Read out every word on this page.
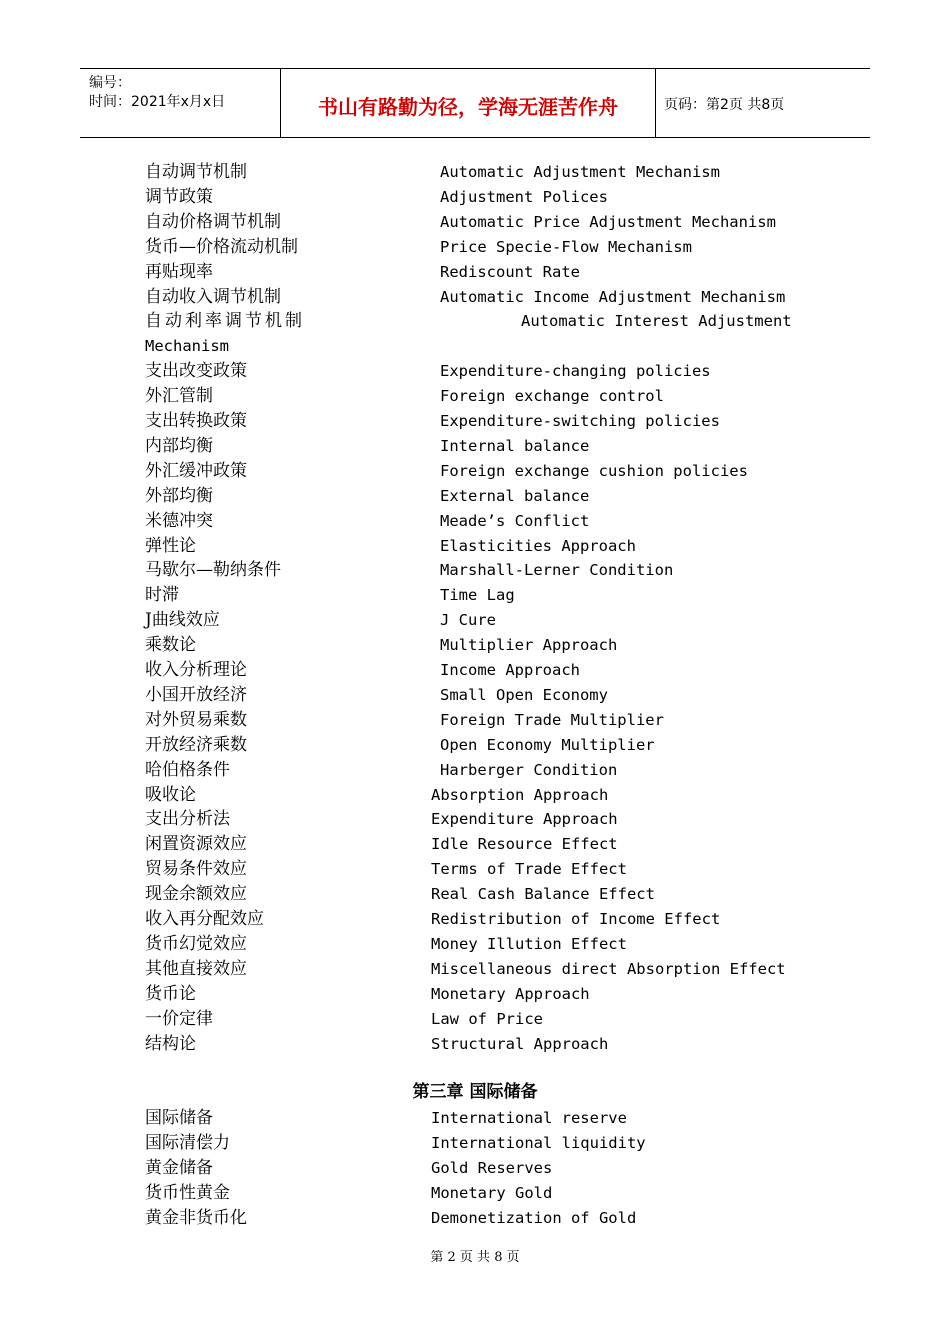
编号：
时间：2021年x月x日	书山有路勤为径，学海无涯苦作舟	页码：第2页 共8页
自动调节机制	Automatic Adjustment Mechanism
调节政策	Adjustment Polices
自动价格调节机制	Automatic Price Adjustment Mechanism
货币—价格流动机制	Price Specie-Flow Mechanism
再贴现率	Rediscount Rate
自动收入调节机制	Automatic Income Adjustment Mechanism
自动利率调节机制	Automatic Interest Adjustment
Mechanism
支出改变政策	Expenditure-changing policies
外汇管制	Foreign exchange control
支出转换政策	Expenditure-switching policies
内部均衡	Internal balance
外汇缓冲政策	Foreign exchange cushion policies
外部均衡	External balance
米德冲突	Meade’s Conflict
弹性论	Elasticities Approach
马歇尔—勒纳条件	Marshall-Lerner Condition
时滞	Time Lag
J曲线效应	J Cure
乘数论	Multiplier Approach
收入分析理论	Income Approach
小国开放经济	Small Open Economy
对外贸易乘数	Foreign Trade Multiplier
开放经济乘数	Open Economy Multiplier
哈伯格条件	Harberger Condition
吸收论	Absorption Approach
支出分析法	Expenditure Approach
闲置资源效应	Idle Resource Effect
贸易条件效应	Terms of Trade Effect
现金余额效应	Real Cash Balance Effect
收入再分配效应	Redistribution of Income Effect
货币幻觉效应	Money Illution Effect
其他直接效应	Miscellaneous direct Absorption Effect
货币论	Monetary Approach
一价定律	Law of Price
结构论	Structural Approach
第三章 国际储备
国际储备	International reserve
国际清偿力	International liquidity
黄金储备	Gold Reserves
货币性黄金	Monetary Gold
黄金非货币化	Demonetization of Gold
第 2 页 共 8 页
